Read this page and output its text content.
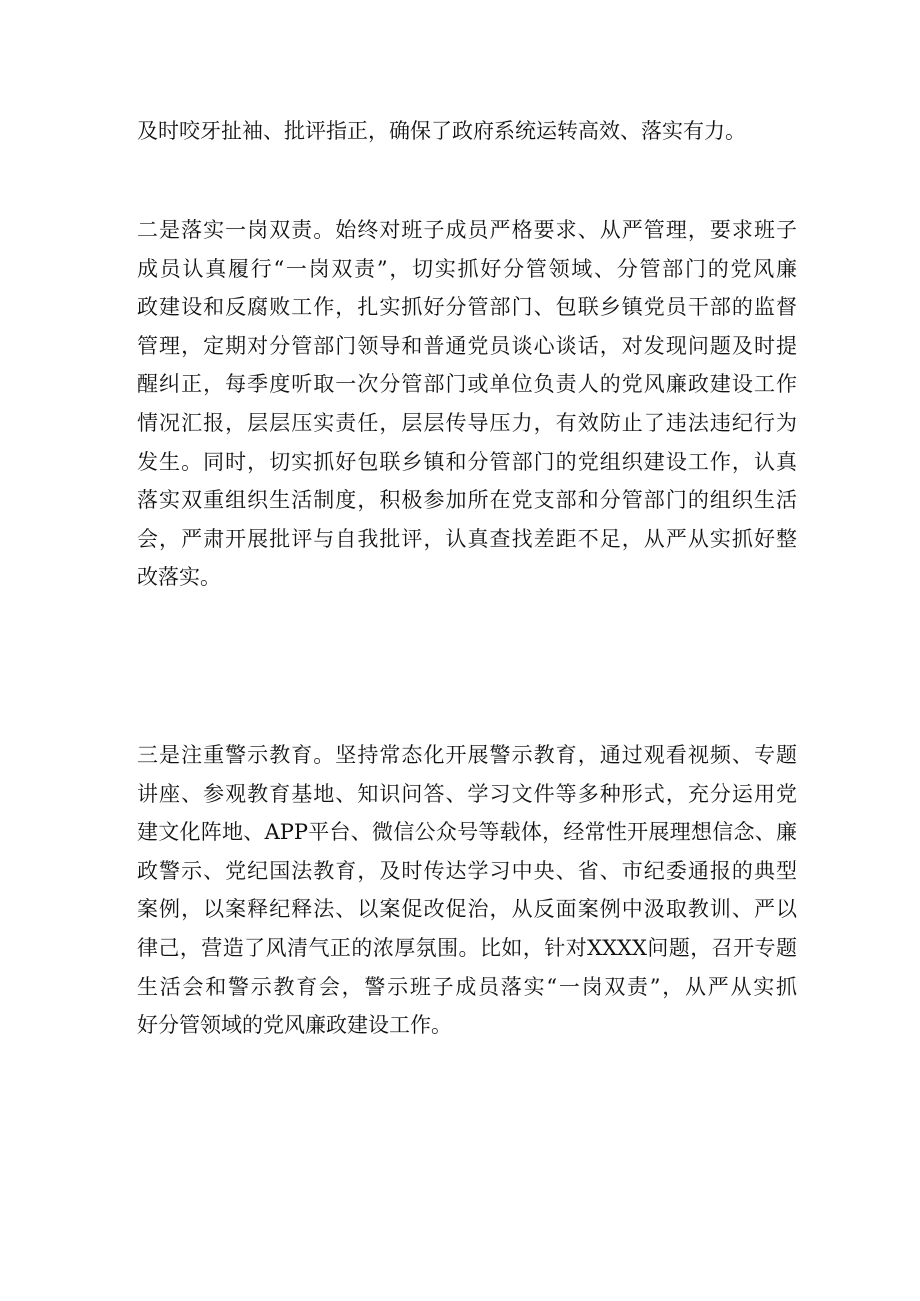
及时咬牙扯袖、批评指正，确保了政府系统运转高效、落实有力。
二是落实一岗双责。始终对班子成员严格要求、从严管理，要求班子
成员认真履行“一岗双责”，切实抓好分管领域、分管部门的党风廉
政建设和反腐败工作，扎实抓好分管部门、包联乡镇党员干部的监督
管理，定期对分管部门领导和普通党员谈心谈话，对发现问题及时提
醒纠正，每季度听取一次分管部门或单位负责人的党风廉政建设工作
情况汇报，层层压实责任，层层传导压力，有效防止了违法违纪行为
发生。同时，切实抓好包联乡镇和分管部门的党组织建设工作，认真
落实双重组织生活制度，积极参加所在党支部和分管部门的组织生活
会，严肃开展批评与自我批评，认真查找差距不足，从严从实抓好整
改落实。
三是注重警示教育。坚持常态化开展警示教育，通过观看视频、专题
讲座、参观教育基地、知识问答、学习文件等多种形式，充分运用党
建文化阵地、APP平台、微信公众号等载体，经常性开展理想信念、廉
政警示、党纪国法教育，及时传达学习中央、省、市纪委通报的典型
案例，以案释纪释法、以案促改促治，从反面案例中汲取教训、严以
律己，营造了风清气正的浓厚氛围。比如，针对XXXX问题，召开专题
生活会和警示教育会，警示班子成员落实“一岗双责”，从严从实抓
好分管领域的党风廉政建设工作。
